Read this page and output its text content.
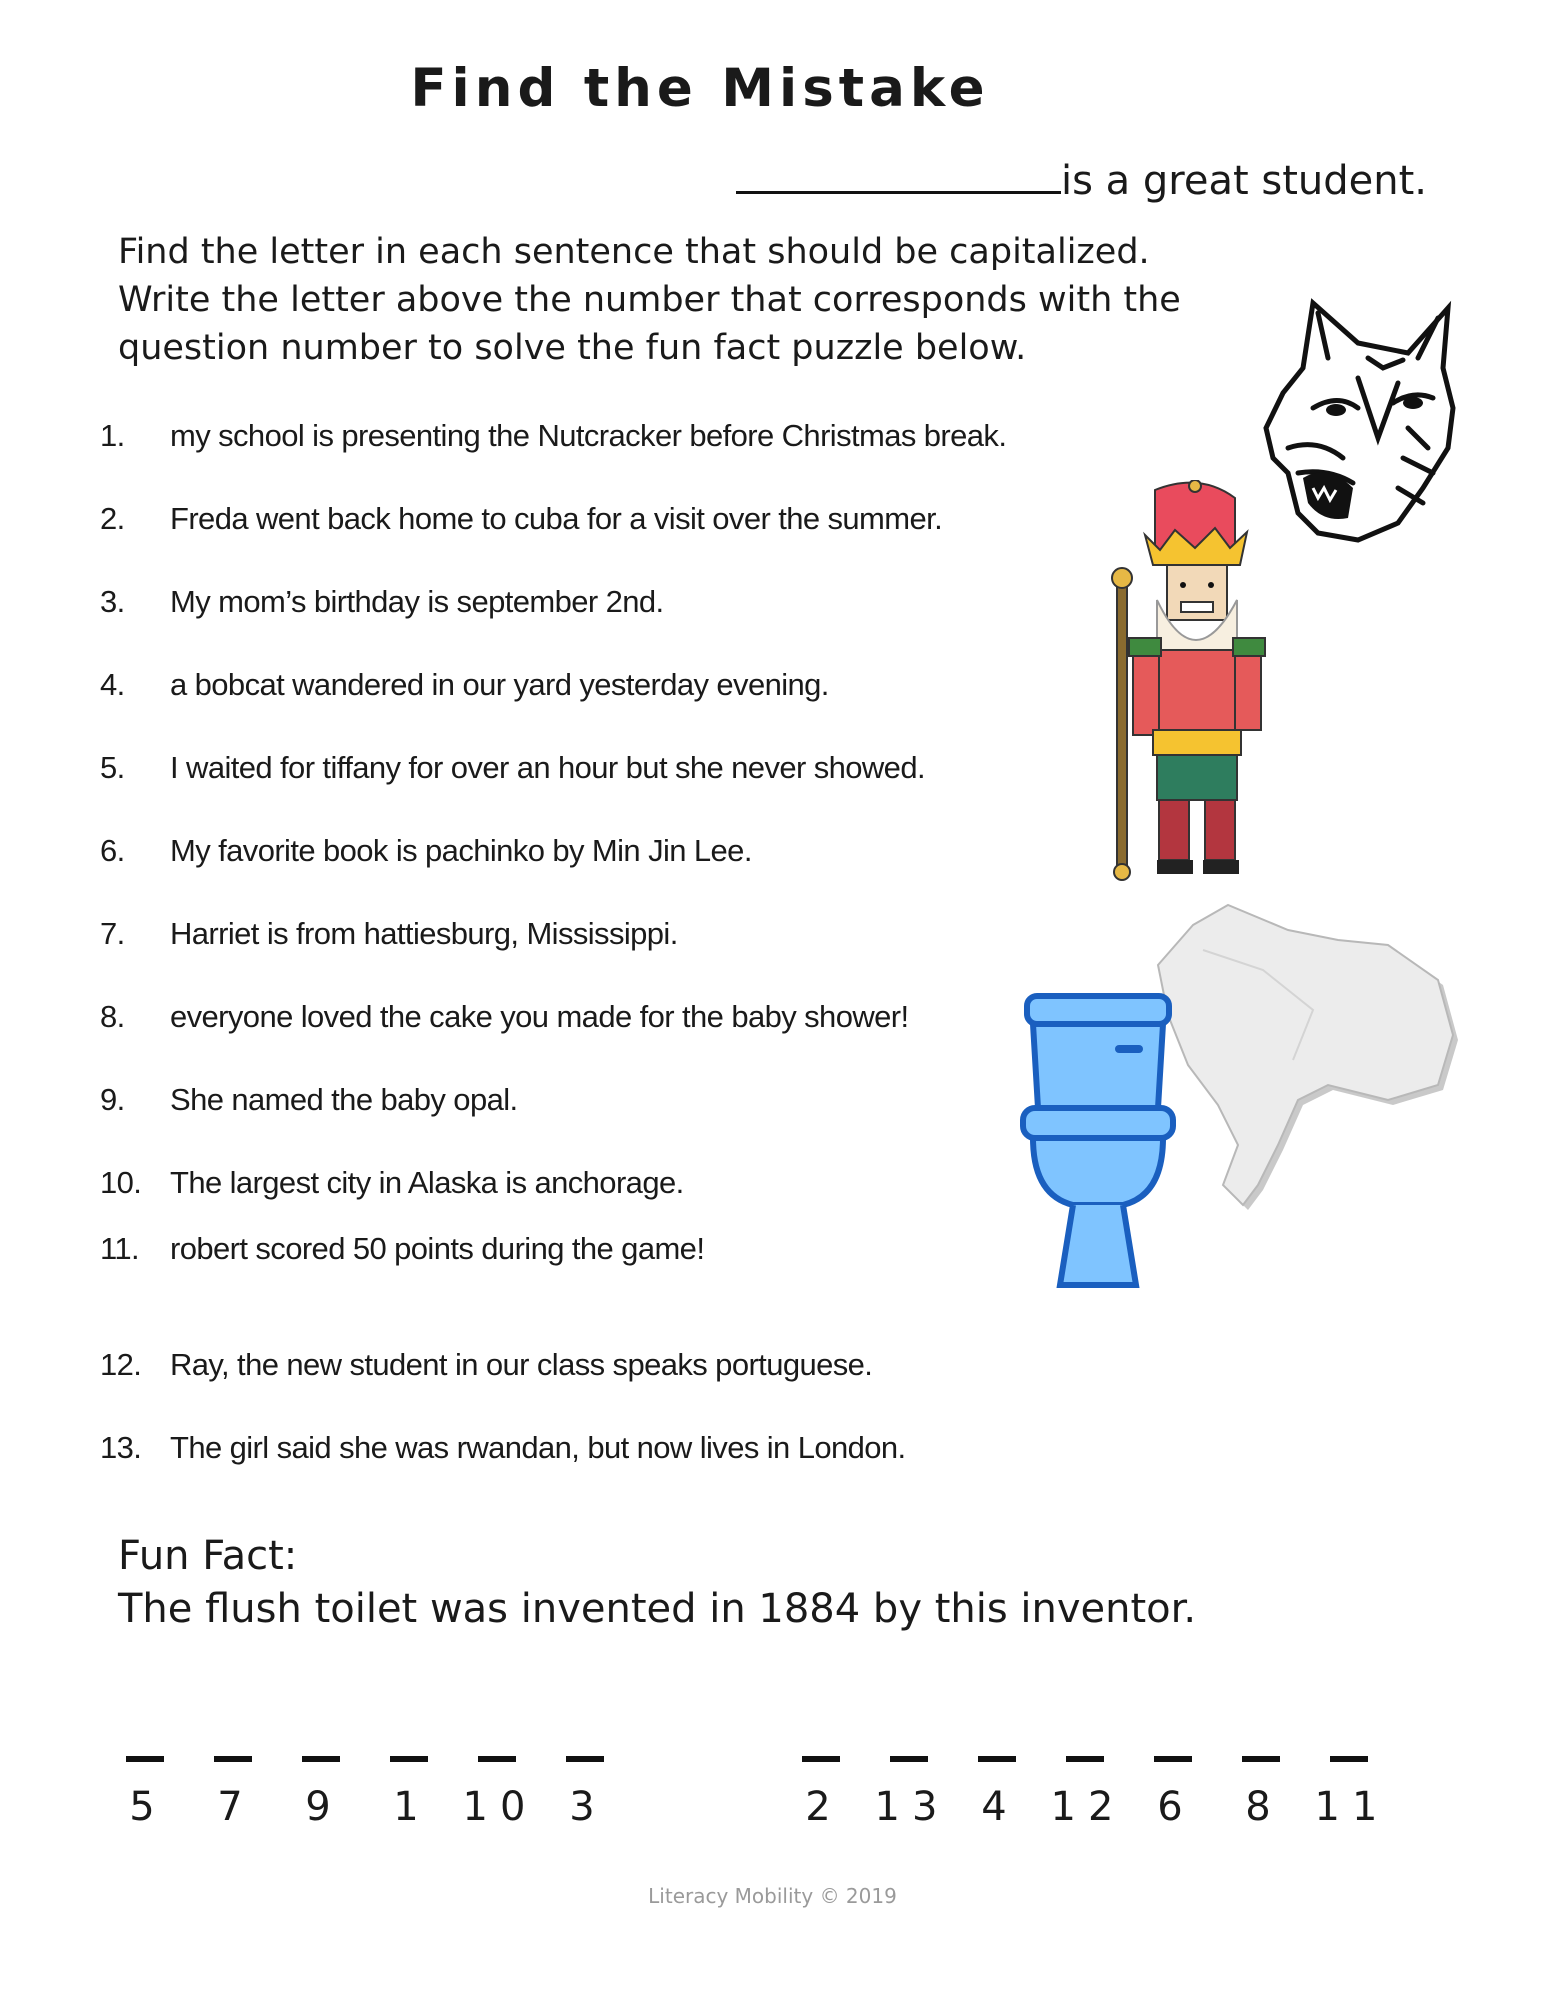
Find the Mistake
is a great student.

Find the letter in each sentence that should be capitalized. Write the letter above the number that corresponds with the question number to solve the fun fact puzzle below.

1. my school is presenting the Nutcracker before Christmas break.
2. Freda went back home to cuba for a visit over the summer.
3. My mom’s birthday is september 2nd.
4. a bobcat wandered in our yard yesterday evening.
5. I waited for tiffany for over an hour but she never showed.
6. My favorite book is pachinko by Min Jin Lee.
7. Harriet is from hattiesburg, Mississippi.
8. everyone loved the cake you made for the baby shower!
9. She named the baby opal.
10. The largest city in Alaska is anchorage.
11. robert scored 50 points during the game!
12. Ray, the new student in our class speaks portuguese.
13. The girl said she was rwandan, but now lives in London.
Fun Fact:
The flush toilet was invented in 1884 by this inventor.
5	7	9	1 10 3	2 13 4 12 6	8 11
Literacy Mobility © 2019
